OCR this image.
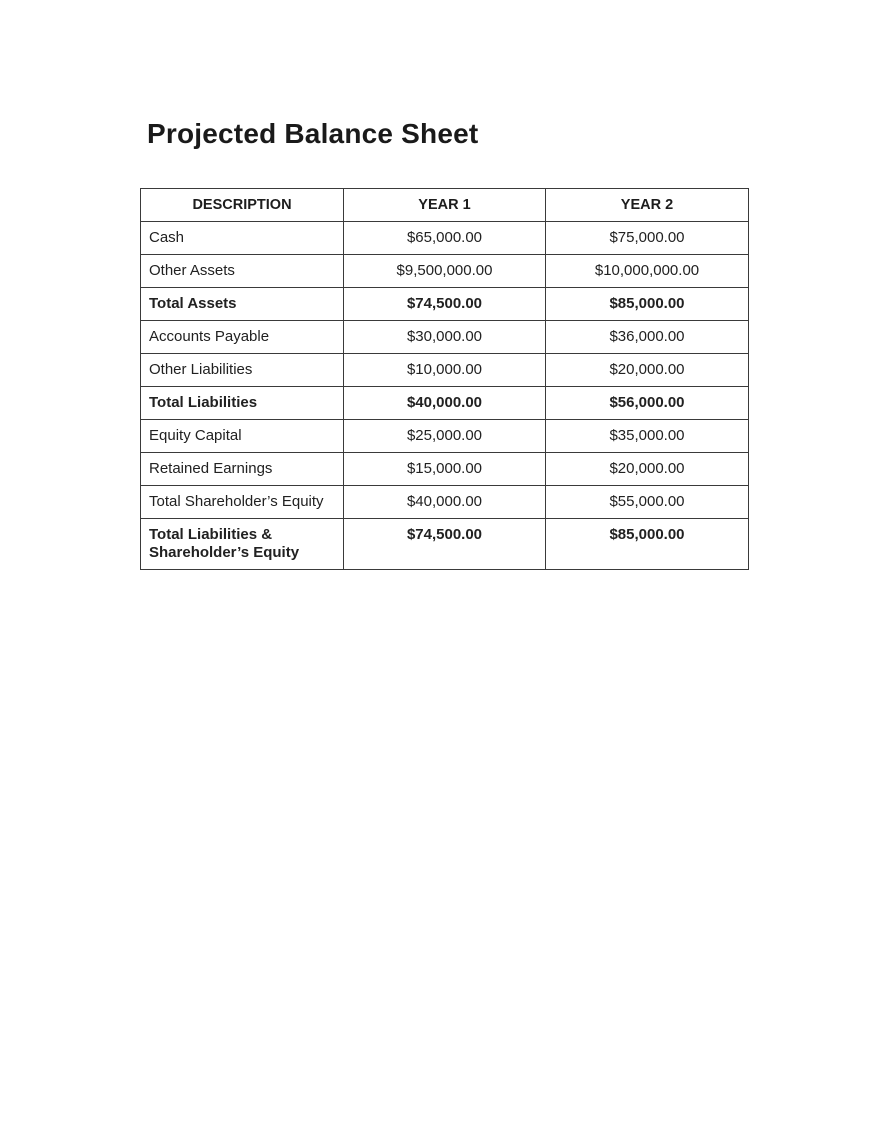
Projected Balance Sheet
DESCRIPTION	YEAR 1	YEAR 2
Cash	$65,000.00	$75,000.00
Other Assets	$9,500,000.00	$10,000,000.00
Total Assets	$74,500.00	$85,000.00
Accounts Payable	$30,000.00	$36,000.00
Other Liabilities	$10,000.00	$20,000.00
Total Liabilities	$40,000.00	$56,000.00
Equity Capital	$25,000.00	$35,000.00
Retained Earnings	$15,000.00	$20,000.00
Total Shareholder’s Equity	$40,000.00	$55,000.00
Total Liabilities & Shareholder’s Equity	$74,500.00	$85,000.00
